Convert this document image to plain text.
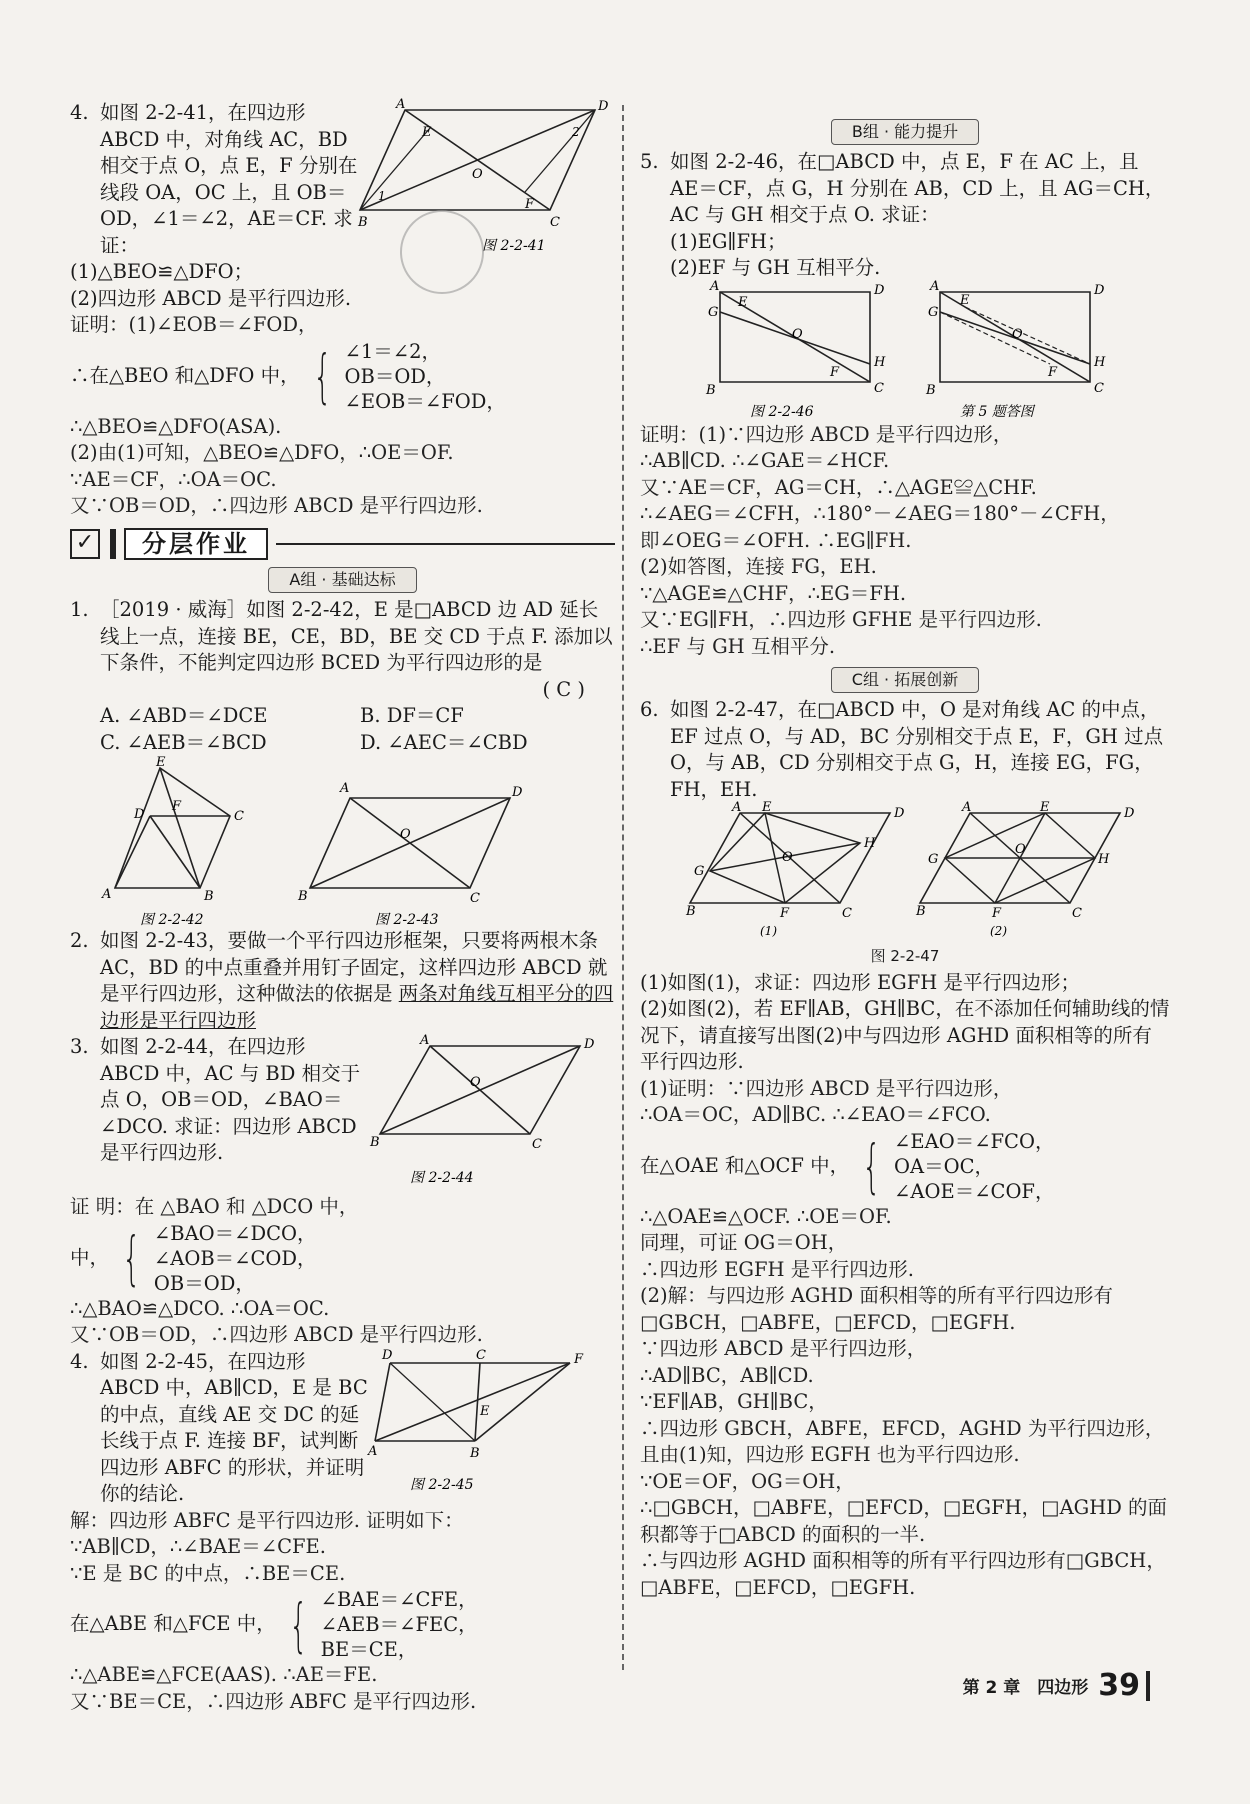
4. 如图 2-2-41，在四边形 ABCD 中，对角线 AC，BD 相交于点 O，点 E，F 分别在线段 OA，OC 上，且 OB＝OD，∠1＝∠2，AE＝CF. 求证：

(1)△BEO≌△DFO；

A	D
B	C
E
F
O
1
2
图 2-2-41

(2)四边形 ABCD 是平行四边形.

证明：(1)∠EOB＝∠FOD，

∴在△BEO 和△DFO 中， { ∠1＝∠2，
OB＝OD，
∠EOB＝∠FOD，

∴△BEO≌△DFO(ASA).

(2)由(1)可知，△BEO≌△DFO，∴OE＝OF.

∵AE＝CF，∴OA＝OC.

又∵OB＝OD，∴四边形 ABCD 是平行四边形.

✓	分层作业
A组 · 基础达标
1. ［2019 · 威海］如图 2-2-42，E 是□ABCD 边 AD 延长线上一点，连接 BE，CE，BD，BE 交 CD 于点 F. 添加以下条件，不能判定四边形 BCED 为平行四边形的是
( C )
A. ∠ABD＝∠DCE	B. DF＝CF
C. ∠AEB＝∠BCD	D. ∠AEC＝∠CBD
E
D	C
F
A	B
图 2-2-42
A	D
B	C
O
图 2-2-43
2. 如图 2-2-43，要做一个平行四边形框架，只要将两根木条 AC，BD 的中点重叠并用钉子固定，这样四边形 ABCD 就是平行四边形，这种做法的依据是 两条对角线互相平分的四边形是平行四边形
3. 如图 2-2-44，在四边形 ABCD 中，AC 与 BD 相交于点 O，OB＝OD，∠BAO＝∠DCO. 求证：四边形 ABCD 是平行四边形.
A	D
B	C
O
图 2-2-44

证 明：在 △BAO 和 △DCO 中，

中， { ∠BAO＝∠DCO，
∠AOB＝∠COD，
OB＝OD，

∴△BAO≌△DCO. ∴OA＝OC.

又∵OB＝OD，∴四边形 ABCD 是平行四边形.

4. 如图 2-2-45，在四边形 ABCD 中，AB∥CD，E 是 BC 的中点，直线 AE 交 DC 的延长线于点 F. 连接 BF，试判断四边形 ABFC 的形状，并证明你的结论.
D	C	F
A	B
E
图 2-2-45

解：四边形 ABFC 是平行四边形. 证明如下：

∵AB∥CD，∴∠BAE＝∠CFE.

∵E 是 BC 的中点，∴BE＝CE.

在△ABE 和△FCE 中， { ∠BAE＝∠CFE，
∠AEB＝∠FEC，
BE＝CE，

∴△ABE≌△FCE(AAS). ∴AE＝FE.

又∵BE＝CE，∴四边形 ABFC 是平行四边形.

B组 · 能力提升
5. 如图 2-2-46，在□ABCD 中，点 E，F 在 AC 上，且 AE＝CF，点 G，H 分别在 AB，CD 上，且 AG＝CH，AC 与 GH 相交于点 O. 求证：

(1)EG∥FH；

(2)EF 与 GH 互相平分.

A	D
G
E
O
H
F
C
B
图 2-2-46
A	D
G
E
O
H
F
C
B
第 5 题答图

证明：(1)∵四边形 ABCD 是平行四边形，

∴AB∥CD. ∴∠GAE＝∠HCF.

又∵AE＝CF，AG＝CH，∴△AGE≌△CHF.

∴∠AEG＝∠CFH，∴180°－∠AEG＝180°－∠CFH，

即∠OEG＝∠OFH. ∴EG∥FH.

(2)如答图，连接 FG，EH.

∵△AGE≌△CHF，∴EG＝FH.

又∵EG∥FH，∴四边形 GFHE 是平行四边形.

∴EF 与 GH 互相平分.

C组 · 拓展创新
6. 如图 2-2-47，在□ABCD 中，O 是对角线 AC 的中点，EF 过点 O，与 AD，BC 分别相交于点 E，F，GH 过点 O，与 AB，CD 分别相交于点 G，H，连接 EG，FG，FH，EH.
A E	D
G
H
O
B	F	C
(1)
A	E	D
G	H
O
B	F	C
(2)
图 2-2-47

(1)如图(1)，求证：四边形 EGFH 是平行四边形；

(2)如图(2)，若 EF∥AB，GH∥BC，在不添加任何辅助线的情况下，请直接写出图(2)中与四边形 AGHD 面积相等的所有平行四边形.

(1)证明：∵四边形 ABCD 是平行四边形，

∴OA＝OC，AD∥BC. ∴∠EAO＝∠FCO.

在△OAE 和△OCF 中， { ∠EAO＝∠FCO，
OA＝OC，
∠AOE＝∠COF，

∴△OAE≌△OCF. ∴OE＝OF.

同理，可证 OG＝OH，

∴四边形 EGFH 是平行四边形.

(2)解：与四边形 AGHD 面积相等的所有平行四边形有□GBCH，□ABFE，□EFCD，□EGFH.

∵四边形 ABCD 是平行四边形，

∴AD∥BC，AB∥CD.

∵EF∥AB，GH∥BC，

∴四边形 GBCH，ABFE，EFCD，AGHD 为平行四边形，且由(1)知，四边形 EGFH 也为平行四边形.

∵OE＝OF，OG＝OH，

∴□GBCH，□ABFE，□EFCD，□EGFH，□AGHD 的面积都等于□ABCD 的面积的一半.

∴与四边形 AGHD 面积相等的所有平行四边形有□GBCH，□ABFE，□EFCD，□EGFH.

第 2 章　四边形 39
